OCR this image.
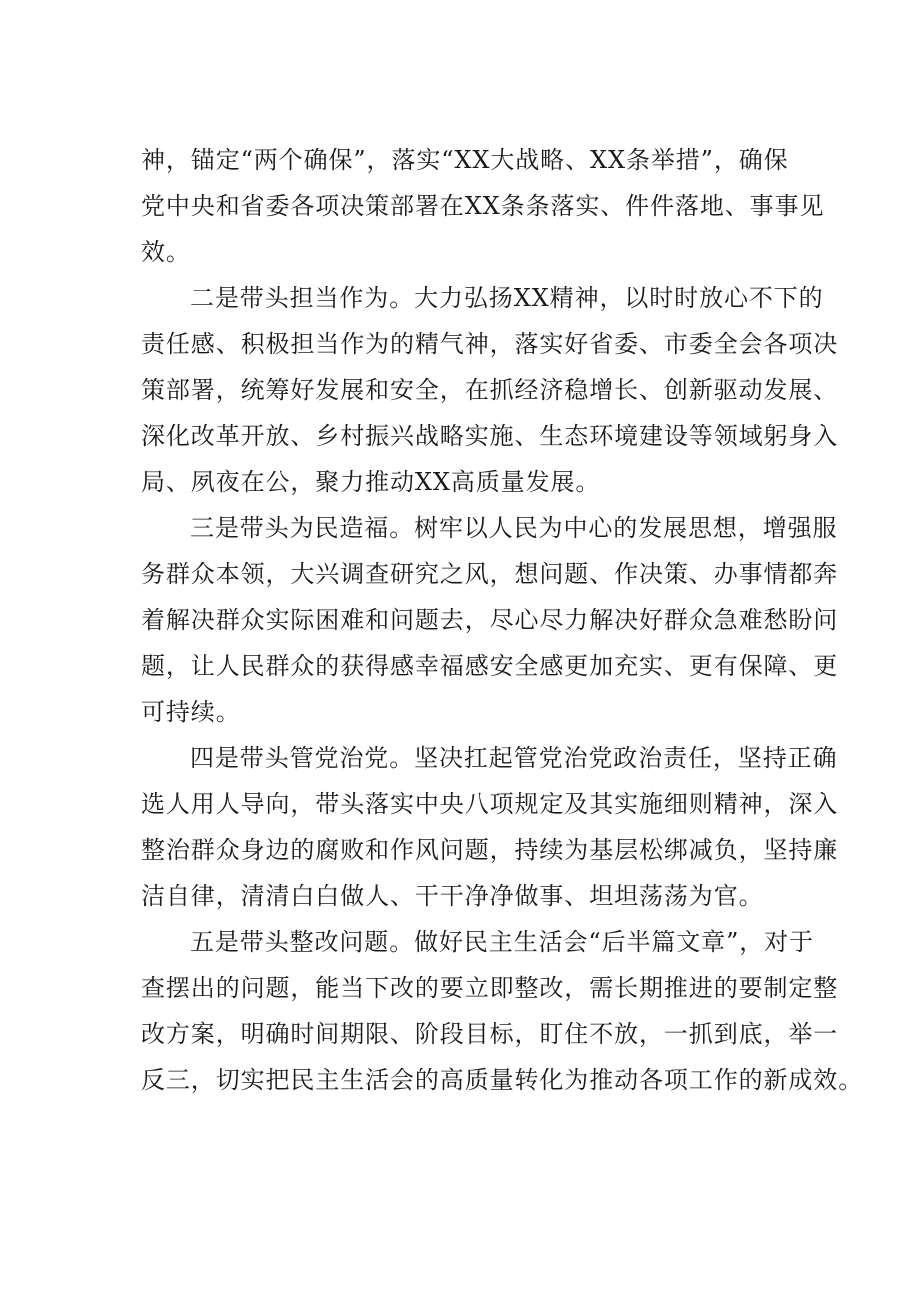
神，锚定“两个确保”，落实“XX大战略、XX条举措”，确保
党中央和省委各项决策部署在XX条条落实、件件落地、事事见
效。
二是带头担当作为。大力弘扬XX精神，以时时放心不下的
责任感、积极担当作为的精气神，落实好省委、市委全会各项决
策部署，统筹好发展和安全，在抓经济稳增长、创新驱动发展、
深化改革开放、乡村振兴战略实施、生态环境建设等领域躬身入
局、夙夜在公，聚力推动XX高质量发展。
三是带头为民造福。树牢以人民为中心的发展思想，增强服
务群众本领，大兴调查研究之风，想问题、作决策、办事情都奔
着解决群众实际困难和问题去，尽心尽力解决好群众急难愁盼问
题，让人民群众的获得感幸福感安全感更加充实、更有保障、更
可持续。
四是带头管党治党。坚决扛起管党治党政治责任，坚持正确
选人用人导向，带头落实中央八项规定及其实施细则精神，深入
整治群众身边的腐败和作风问题，持续为基层松绑减负，坚持廉
洁自律，清清白白做人、干干净净做事、坦坦荡荡为官。
五是带头整改问题。做好民主生活会“后半篇文章”，对于
查摆出的问题，能当下改的要立即整改，需长期推进的要制定整
改方案，明确时间期限、阶段目标，盯住不放，一抓到底，举一
反三，切实把民主生活会的高质量转化为推动各项工作的新成效。
